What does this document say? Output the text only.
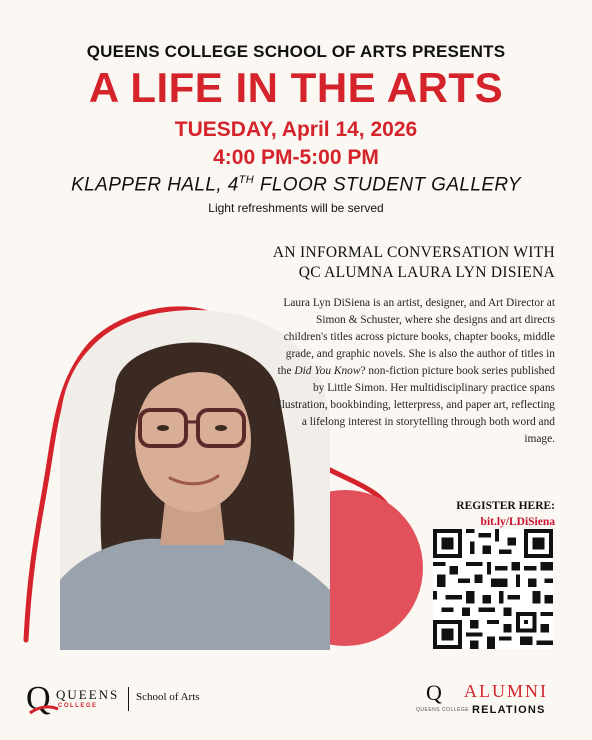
QUEENS COLLEGE SCHOOL OF ARTS PRESENTS
A LIFE IN THE ARTS
TUESDAY, April 14, 2026
4:00 PM-5:00 PM
KLAPPER HALL, 4TH FLOOR STUDENT GALLERY
Light refreshments will be served
AN INFORMAL CONVERSATION WITH
QC ALUMNA LAURA LYN DISIENA
Laura Lyn DiSiena is an artist, designer, and Art Director at Simon & Schuster, where she designs and art directs children's titles across picture books, chapter books, middle grade, and graphic novels. She is also the author of titles in the Did You Know? non-fiction picture book series published by Little Simon. Her multidisciplinary practice spans illustration, bookbinding, letterpress, and paper art, reflecting a lifelong interest in storytelling through both word and image.
REGISTER HERE:
bit.ly/LDiSiena
Q QUEENS
COLLEGE
School of Arts	Q
QUEENS COLLEGE
ALUMNI
RELATIONS
